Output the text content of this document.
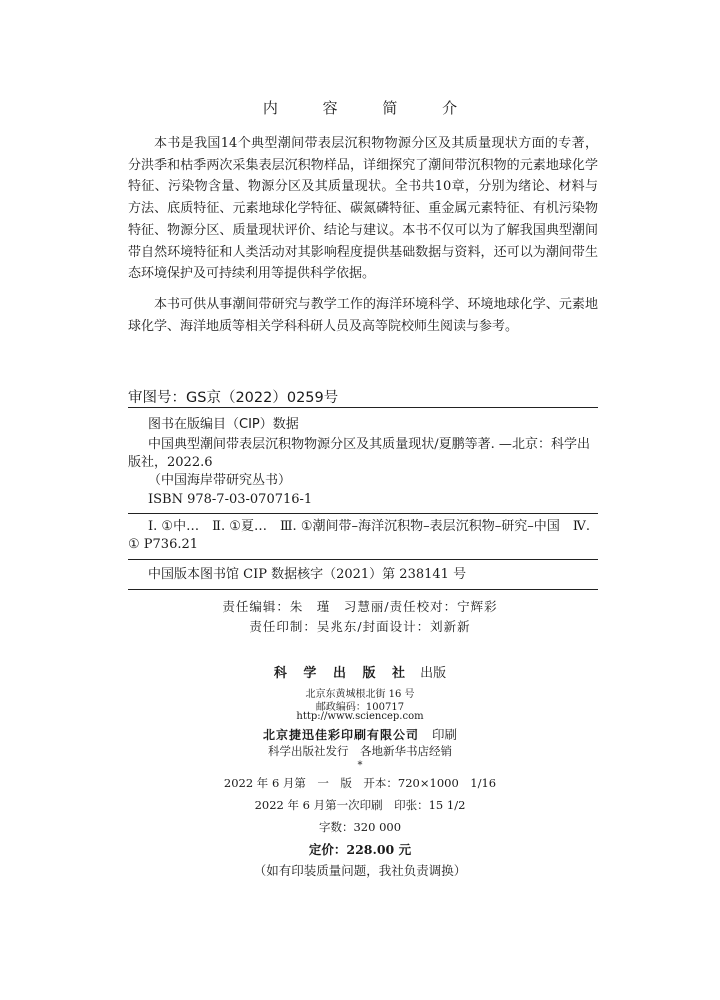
内 容 简 介

本书是我国14个典型潮间带表层沉积物物源分区及其质量现状方面的专著，分洪季和枯季两次采集表层沉积物样品，详细探究了潮间带沉积物的元素地球化学特征、污染物含量、物源分区及其质量现状。全书共10章，分别为绪论、材料与方法、底质特征、元素地球化学特征、碳氮磷特征、重金属元素特征、有机污染物特征、物源分区、质量现状评价、结论与建议。本书不仅可以为了解我国典型潮间带自然环境特征和人类活动对其影响程度提供基础数据与资料，还可以为潮间带生态环境保护及可持续利用等提供科学依据。

本书可供从事潮间带研究与教学工作的海洋环境科学、环境地球化学、元素地球化学、海洋地质等相关学科科研人员及高等院校师生阅读与参考。

审图号：GS京（2022）0259号
图书在版编目（CIP）数据

中国典型潮间带表层沉积物物源分区及其质量现状/夏鹏等著. —北京：科学出版社，2022.6

（中国海岸带研究丛书）

ISBN 978-7-03-070716-1

Ⅰ. ①中…　Ⅱ. ①夏…　Ⅲ. ①潮间带–海洋沉积物–表层沉积物–研究–中国　Ⅳ. ① P736.21

中国版本图书馆 CIP 数据核字（2021）第 238141 号

责任编辑：朱　瑾　习慧丽/责任校对：宁辉彩
责任印制：吴兆东/封面设计：刘新新
科 学 出 版 社 出版
北京东黄城根北街 16 号
邮政编码：100717
http://www.sciencep.com
北京捷迅佳彩印刷有限公司 印刷
科学出版社发行　各地新华书店经销
*
2022 年 6 月第　一　版　开本：720×1000　1/16
2022 年 6 月第一次印刷　印张：15 1/2
字数：320 000
定价：228.00 元
（如有印装质量问题，我社负责调换）
